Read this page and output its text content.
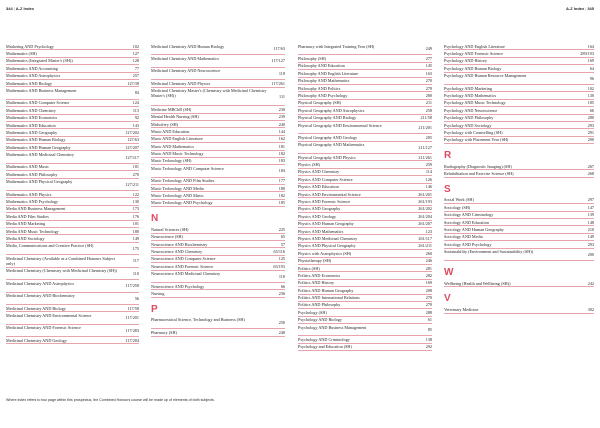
344|A-Z Index	A-Z Index|345
Marketing AND Psychology	102
Mathematics (SH)	127
Mathematics (Integrated Master's (SH))	128
Mathematics AND Accounting	77
Mathematics AND Astrophysics	257
Mathematics AND Biology	127/38
Mathematics AND Business Management	84
Mathematics AND Computer Science	124
Mathematics AND Chemistry	113
Mathematics AND Economics	92
Mathematics AND Education	143
Mathematics AND Geography	127/202
Mathematics AND Human Biology	127/63
Mathematics AND Human Geography	127/207
Mathematics AND Medicinal Chemistry	127/117
Mathematics AND Music	181
Mathematics AND Philosophy	270
Mathematics AND Physical Geography	127/211
Mathematics AND Physics	122
Mathematics AND Psychology	130
Media AND Business Management	173
Media AND Film Studies	176
Media AND Marketing	101
Media AND Music Technology	180
Media AND Sociology	149
Media, Communications and Creative Practice (SH)	175
Medicinal Chemistry (Available as a Combined Honours Subject only)
117
Medicinal Chemistry (Chemistry with Medicinal Chemistry (SH))	110
Medicinal Chemistry AND Astrophysics	117/258
Medicinal Chemistry AND Biochemistry	56
Medicinal Chemistry AND Biology	117/58
Medicinal Chemistry AND Environmental Science	117/201
Medicinal Chemistry AND Forensic Science	117/283
Medicinal Chemistry AND Geology	117/204
Medicinal Chemistry AND Human Biology	117/63
Medicinal Chemistry AND Mathematics	117/127
Medicinal Chemistry AND Neuroscience	118
Medicinal Chemistry AND Physics	117/261
Medicinal Chemistry Master's (Chemistry with Medicinal Chemistry Master's (SH))	111
Medicine MBChB (SH)	230
Mental Health Nursing (SH)	239
Midwifery (SH)	240
Music AND Education	144
Music AND English Literature	162
Music AND Mathematics	181
Music AND Music Technology	182
Music Technology (SH)	183
Music Technology AND Computer Science	184
Music Technology AND Film Studies	177
Music Technology AND Media	180
Music Technology AND Music	182
Music Technology AND Psychology	185
N
Natural Sciences (SH)	225
Neuroscience (SH)	65
Neuroscience AND Biochemistry	57
Neuroscience AND Chemistry	65/116
Neuroscience AND Computer Science	125
Neuroscience AND Forensic Science	65/193
Neuroscience AND Medicinal Chemistry	118
Neuroscience AND Psychology	66
Nursing	236
P
Pharmaceutical Science, Technology and Business (SH)	250
Pharmacy (SH)	248
Pharmacy with Integrated Training Year (SH)	249
Philosophy (SH)	277
Philosophy AND Education	145
Philosophy AND English Literature	163
Philosophy AND Mathematics	270
Philosophy AND Politics	279
Philosophy AND Psychology	280
Physical Geography (SH)	211
Physical Geography AND Astrophysics	258
Physical Geography AND Biology	211/58
Physical Geography AND Environmental Science	211/201
Physical Geography AND Geology	205
Physical Geography AND Mathematics	211/127
Physical Geography AND Physics	211/261
Physics (SH)	259
Physics AND Chemistry	114
Physics AND Computer Science	126
Physics AND Education	146
Physics AND Environmental Science	261/201
Physics AND Forensic Science	261/193
Physics AND Geography	261/202
Physics AND Geology	261/204
Physics AND Human Geography	261/207
Physics AND Mathematics	123
Physics AND Medicinal Chemistry	261/117
Physics AND Physical Geography	261/211
Physics with Astrophysics (SH)	260
Physiotherapy (SH)	246
Politics (SH)	281
Politics AND Economics	282
Politics AND History	169
Politics AND Human Geography	208
Politics AND International Relations	270
Politics AND Philosophy	279
Psychology (SH)	288
Psychology AND Biology	61
Psychology AND Business Management	85
Psychology AND Criminology	138
Psychology and Education (SH)	292
Psychology AND English Literature	164
Psychology AND Forensic Science	289/193
Psychology AND History	169
Psychology AND Human Biology	64
Psychology AND Human Resource Management	96
Psychology AND Marketing	102
Psychology AND Mathematics	130
Psychology AND Music Technology	185
Psychology AND Neuroscience	66
Psychology AND Philosophy	280
Psychology AND Sociology	293
Psychology with Counselling (SH)	291
Psychology with Placement Year (SH)	290
R
Radiography (Diagnostic Imaging) (SH)	267
Rehabilitation and Exercise Science (SH)	268
S
Social Work (SH)	297
Sociology (SH)	147
Sociology AND Criminology	139
Sociology AND Education	148
Sociology AND Human Geography	210
Sociology AND Media	149
Sociology AND Psychology	293
Sustainability (Environment and Sustainability (SH))	200
W
Wellbeing (Health and Wellbeing (SH))	242
V
Veterinary Medicine	302
Where index refers to two page within this prospectus, the Combined Honours course will be made up of elements of both subjects.
